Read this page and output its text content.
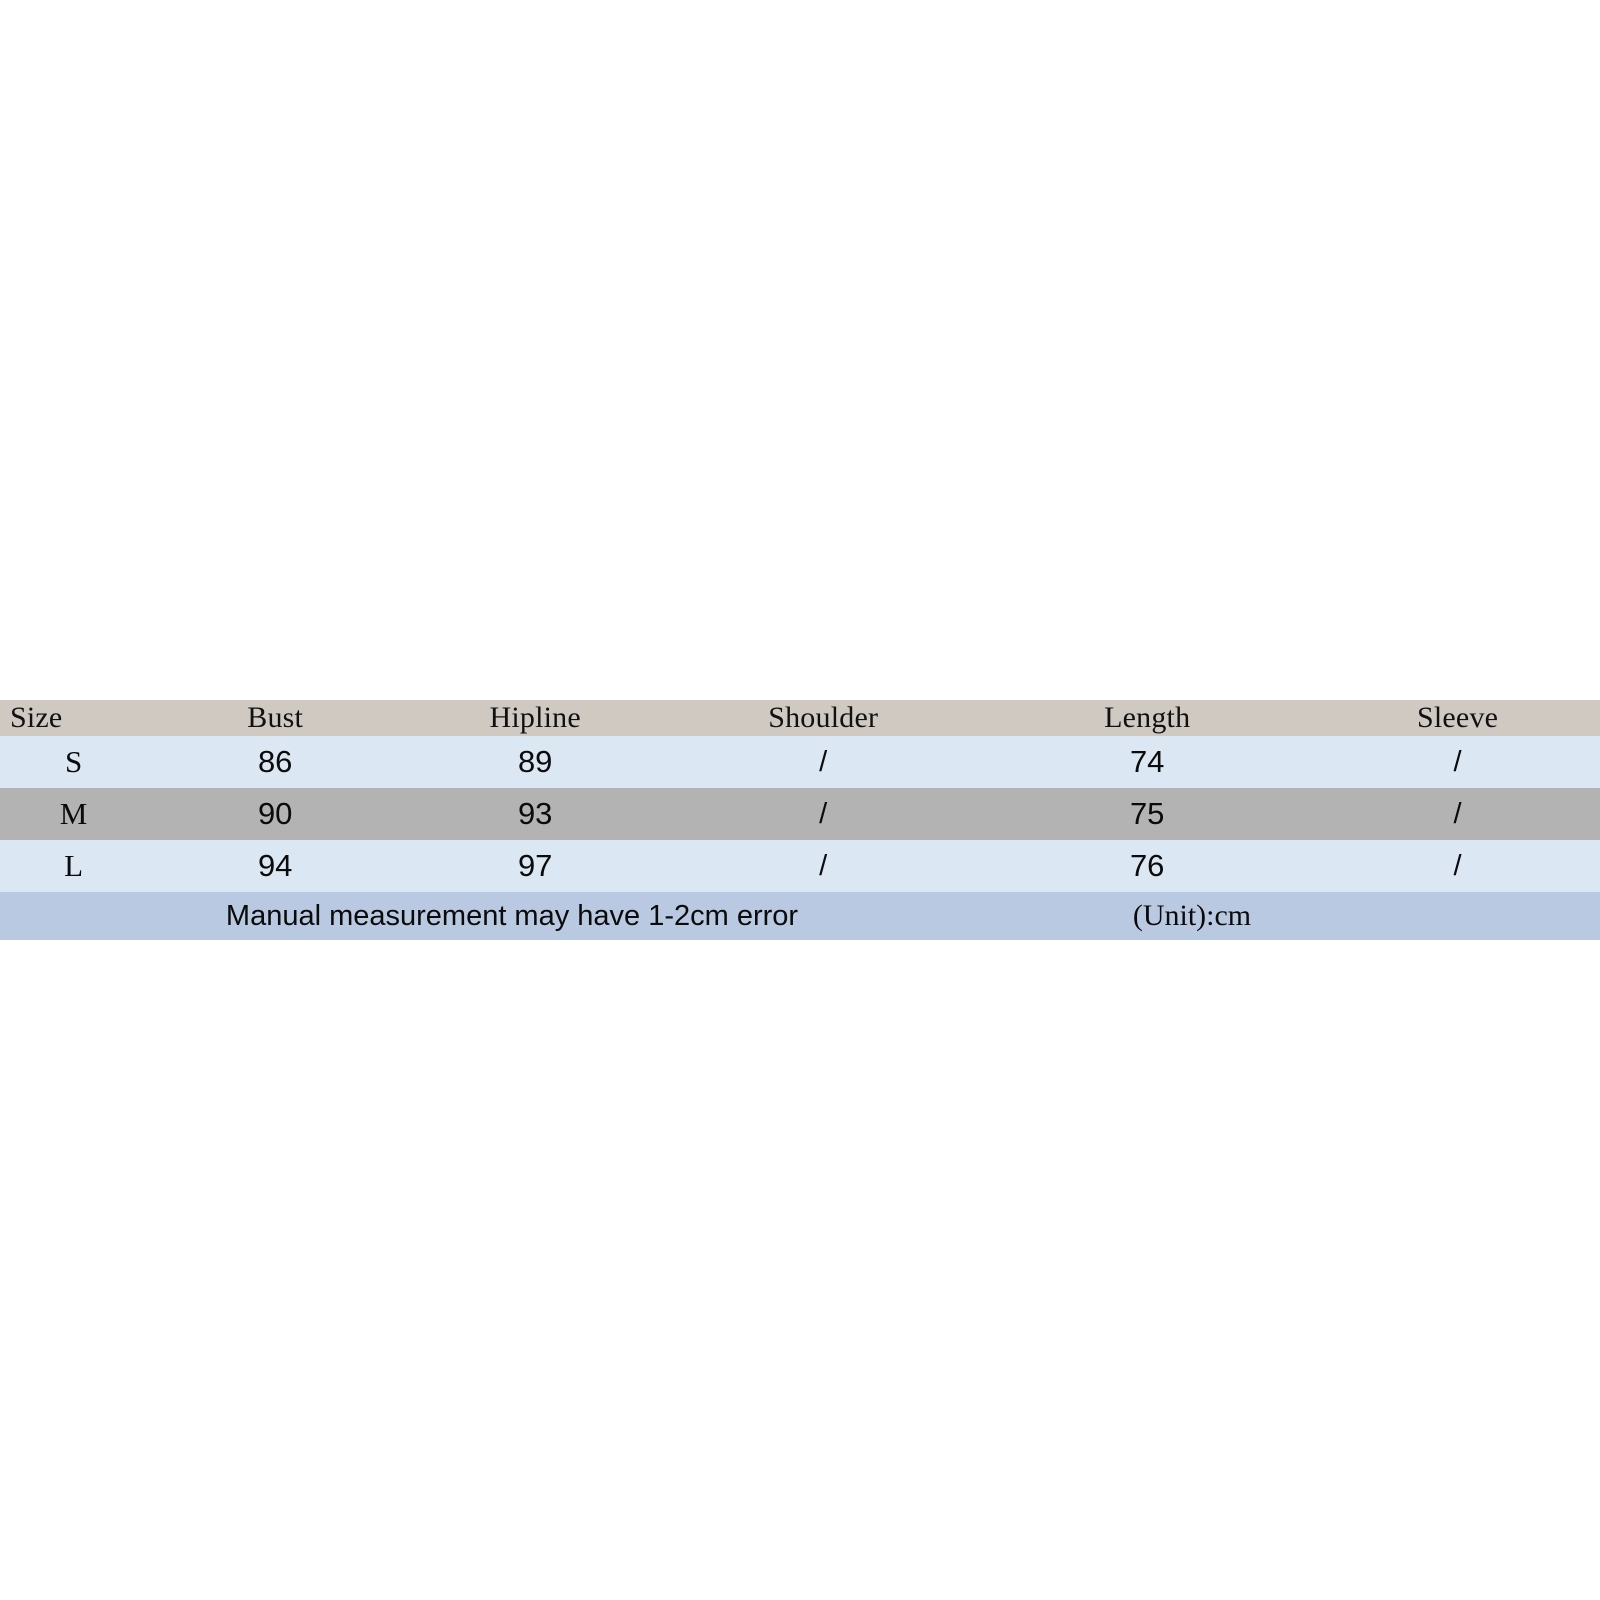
Size	Bust	Hipline	Shoulder	Length	Sleeve
S	86	89	/	74	/
M	90	93	/	75	/
L	94	97	/	76	/
Manual measurement may have 1-2cm error	(Unit):cm
